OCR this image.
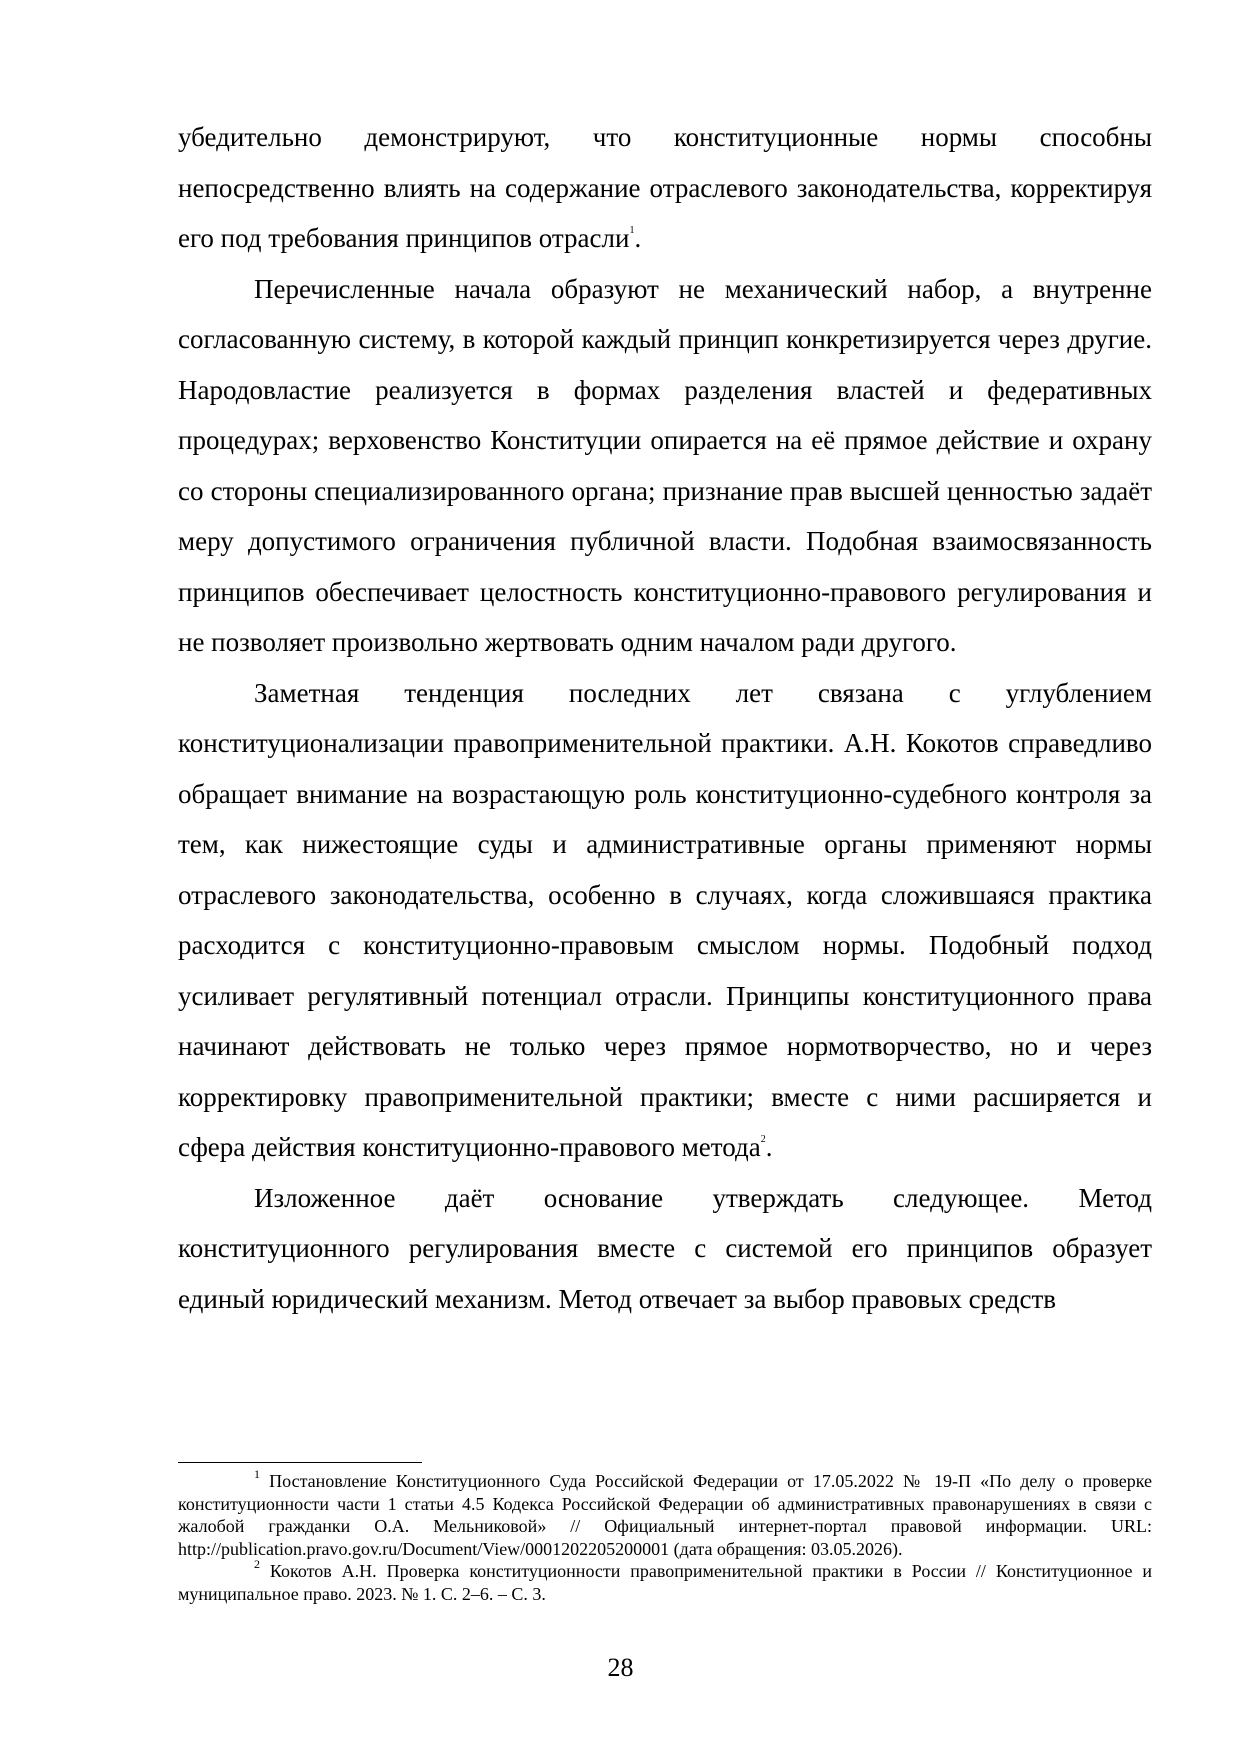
убедительно демонстрируют, что конституционные нормы способны непосредственно влиять на содержание отраслевого законодательства, корректируя его под требования принципов отрасли$^1$.

Перечисленные начала образуют не механический набор, а внутренне согласованную систему, в которой каждый принцип конкретизируется через другие. Народовластие реализуется в формах разделения властей и федеративных процедурах; верховенство Конституции опирается на её прямое действие и охрану со стороны специализированного органа; признание прав высшей ценностью задаёт меру допустимого ограничения публичной власти. Подобная взаимосвязанность принципов обеспечивает целостность конституционно-правового регулирования и не позволяет произвольно жертвовать одним началом ради другого.

Заметная тенденция последних лет связана с углублением конституционализации правоприменительной практики. А.Н. Кокотов справедливо обращает внимание на возрастающую роль конституционно-судебного контроля за тем, как нижестоящие суды и административные органы применяют нормы отраслевого законодательства, особенно в случаях, когда сложившаяся практика расходится с конституционно-правовым смыслом нормы. Подобный подход усиливает регулятивный потенциал отрасли. Принципы конституционного права начинают действовать не только через прямое нормотворчество, но и через корректировку правоприменительной практики; вместе с ними расширяется и сфера действия конституционно-правового метода$^2$.

Изложенное даёт основание утверждать следующее. Метод конституционного регулирования вместе с системой его принципов образует единый юридический механизм. Метод отвечает за выбор правовых средств

$^1$ Постановление Конституционного Суда Российской Федерации от 17.05.2022 № 19-П «По делу о проверке конституционности части 1 статьи 4.5 Кодекса Российской Федерации об административных правонарушениях в связи с жалобой гражданки О.А. Мельниковой» // Официальный интернет-портал правовой информации. URL: http://publication.pravo.gov.ru/Document/View/0001202205200001 (дата обращения: 03.05.2026).

$^2$ Кокотов А.Н. Проверка конституционности правоприменительной практики в России // Конституционное и муниципальное право. 2023. № 1. С. 2–6. – С. 3.

28
